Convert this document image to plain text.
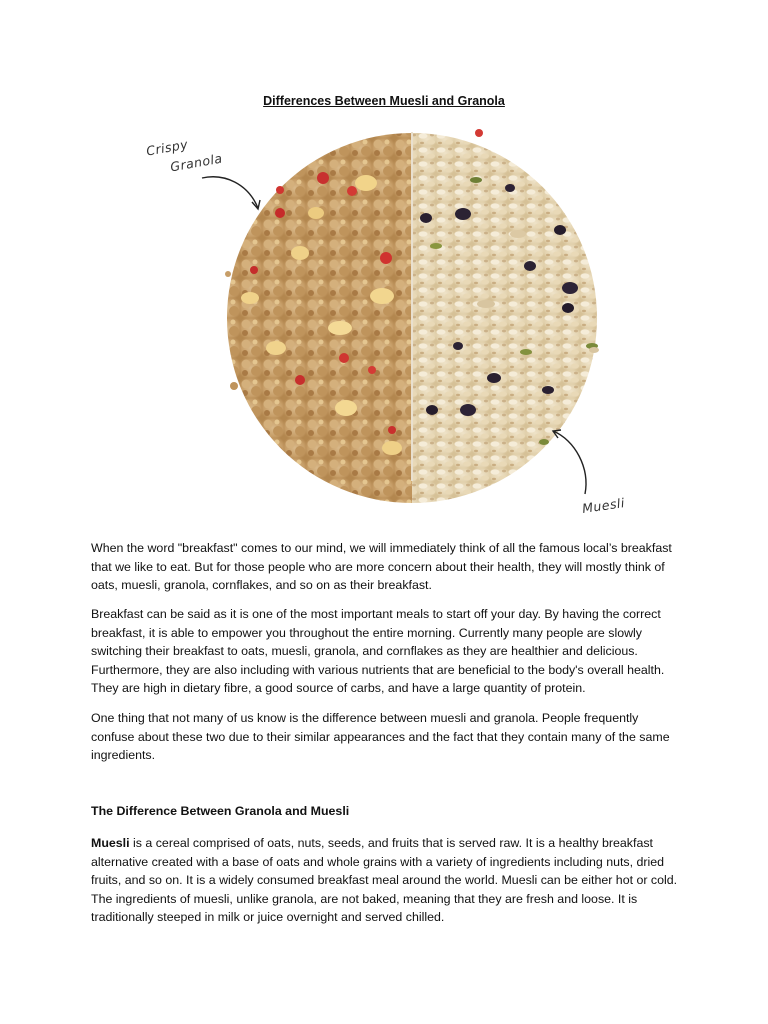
Differences Between Muesli and Granola
Crispy
Granola
Muesli

When the word "breakfast" comes to our mind, we will immediately think of all the famous local’s breakfast that we like to eat. But for those people who are more concern about their health, they will mostly think of oats, muesli, granola, cornflakes, and so on as their breakfast.

Breakfast can be said as it is one of the most important meals to start off your day. By having the correct breakfast, it is able to empower you throughout the entire morning. Currently many people are slowly switching their breakfast to oats, muesli, granola, and cornflakes as they are healthier and delicious. Furthermore, they are also including with various nutrients that are beneficial to the body's overall health. They are high in dietary fibre, a good source of carbs, and have a large quantity of protein.

One thing that not many of us know is the difference between muesli and granola. People frequently confuse about these two due to their similar appearances and the fact that they contain many of the same ingredients.

The Difference Between Granola and Muesli

Muesli is a cereal comprised of oats, nuts, seeds, and fruits that is served raw. It is a healthy breakfast alternative created with a base of oats and whole grains with a variety of ingredients including nuts, dried fruits, and so on. It is a widely consumed breakfast meal around the world. Muesli can be either hot or cold. The ingredients of muesli, unlike granola, are not baked, meaning that they are fresh and loose. It is traditionally steeped in milk or juice overnight and served chilled.
